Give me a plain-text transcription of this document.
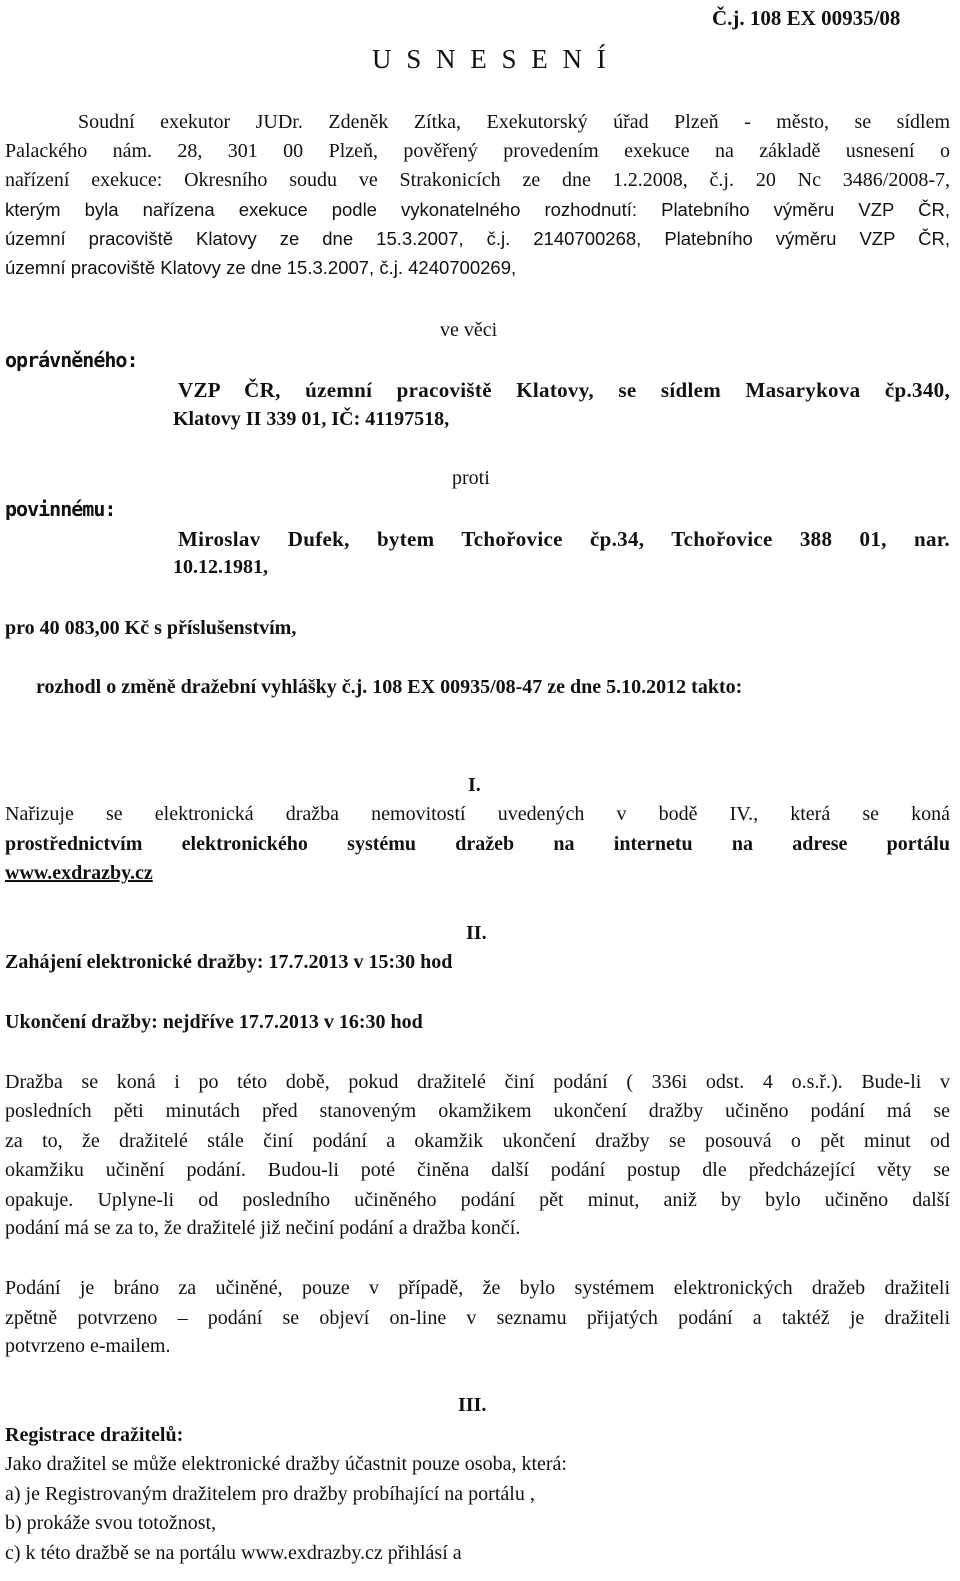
Č.j. 108 EX 00935/08
U S N E S E N Í
Soudní exekutor JUDr. Zdeněk Zítka, Exekutorský úřad Plzeň - město, se sídlem
Palackého nám. 28, 301 00 Plzeň, pověřený provedením exekuce na základě usnesení o
nařízení exekuce: Okresního soudu ve Strakonicích ze dne 1.2.2008, č.j. 20 Nc 3486/2008-7,
kterým byla nařízena exekuce podle vykonatelného rozhodnutí: Platebního výměru VZP ČR,
územní pracoviště Klatovy ze dne 15.3.2007, č.j. 2140700268, Platebního výměru VZP ČR,
územní pracoviště Klatovy ze dne 15.3.2007, č.j. 4240700269,
ve věci
oprávněného:
VZP ČR, územní pracoviště Klatovy, se sídlem Masarykova čp.340,
Klatovy II 339 01, IČ: 41197518,
proti
povinnému:
Miroslav Dufek, bytem Tchořovice čp.34, Tchořovice 388 01, nar.
10.12.1981,
pro 40 083,00 Kč s příslušenstvím,
rozhodl o změně dražební vyhlášky č.j. 108 EX 00935/08-47 ze dne 5.10.2012 takto:
I.
Nařizuje se elektronická dražba nemovitostí uvedených v bodě IV., která se koná
prostřednictvím elektronického systému dražeb na internetu na adrese portálu
www.exdrazby.cz
II.
Zahájení elektronické dražby: 17.7.2013 v 15:30 hod
Ukončení dražby: nejdříve 17.7.2013 v 16:30 hod
Dražba se koná i po této době, pokud dražitelé činí podání ( 336i odst. 4 o.s.ř.). Bude-li v
posledních pěti minutách před stanoveným okamžikem ukončení dražby učiněno podání má se
za to, že dražitelé stále činí podání a okamžik ukončení dražby se posouvá o pět minut od
okamžiku učinění podání. Budou-li poté činěna další podání postup dle předcházející věty se
opakuje. Uplyne-li od posledního učiněného podání pět minut, aniž by bylo učiněno další
podání má se za to, že dražitelé již nečiní podání a dražba končí.
Podání je bráno za učiněné, pouze v případě, že bylo systémem elektronických dražeb dražiteli
zpětně potvrzeno – podání se objeví on-line v seznamu přijatých podání a taktéž je dražiteli
potvrzeno e-mailem.
III.
Registrace dražitelů:
Jako dražitel se může elektronické dražby účastnit pouze osoba, která:
a) je Registrovaným dražitelem pro dražby probíhající na portálu ,
b) prokáže svou totožnost,
c) k této dražbě se na portálu www.exdrazby.cz přihlásí a
